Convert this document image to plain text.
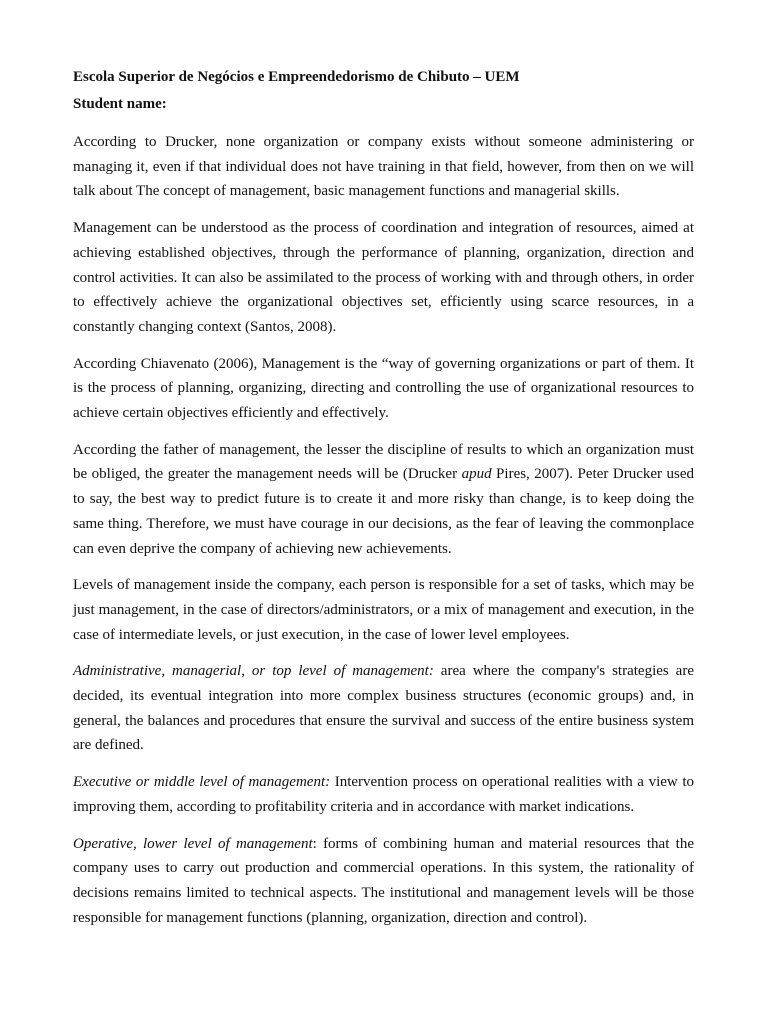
Escola Superior de Negócios e Empreendedorismo de Chibuto – UEM
Student name:

According to Drucker, none organization or company exists without someone administering or managing it, even if that individual does not have training in that field, however, from then on we will talk about The concept of management, basic management functions and managerial skills.

Management can be understood as the process of coordination and integration of resources, aimed at achieving established objectives, through the performance of planning, organization, direction and control activities. It can also be assimilated to the process of working with and through others, in order to effectively achieve the organizational objectives set, efficiently using scarce resources, in a constantly changing context (Santos, 2008).

According Chiavenato (2006), Management is the “way of governing organizations or part of them. It is the process of planning, organizing, directing and controlling the use of organizational resources to achieve certain objectives efficiently and effectively.

According the father of management, the lesser the discipline of results to which an organization must be obliged, the greater the management needs will be (Drucker apud Pires, 2007). Peter Drucker used to say, the best way to predict future is to create it and more risky than change, is to keep doing the same thing. Therefore, we must have courage in our decisions, as the fear of leaving the commonplace can even deprive the company of achieving new achievements.

Levels of management inside the company, each person is responsible for a set of tasks, which may be just management, in the case of directors/administrators, or a mix of management and execution, in the case of intermediate levels, or just execution, in the case of lower level employees.

Administrative, managerial, or top level of management: area where the company's strategies are decided, its eventual integration into more complex business structures (economic groups) and, in general, the balances and procedures that ensure the survival and success of the entire business system are defined.

Executive or middle level of management: Intervention process on operational realities with a view to improving them, according to profitability criteria and in accordance with market indications.

Operative, lower level of management: forms of combining human and material resources that the company uses to carry out production and commercial operations. In this system, the rationality of decisions remains limited to technical aspects. The institutional and management levels will be those responsible for management functions (planning, organization, direction and control).
